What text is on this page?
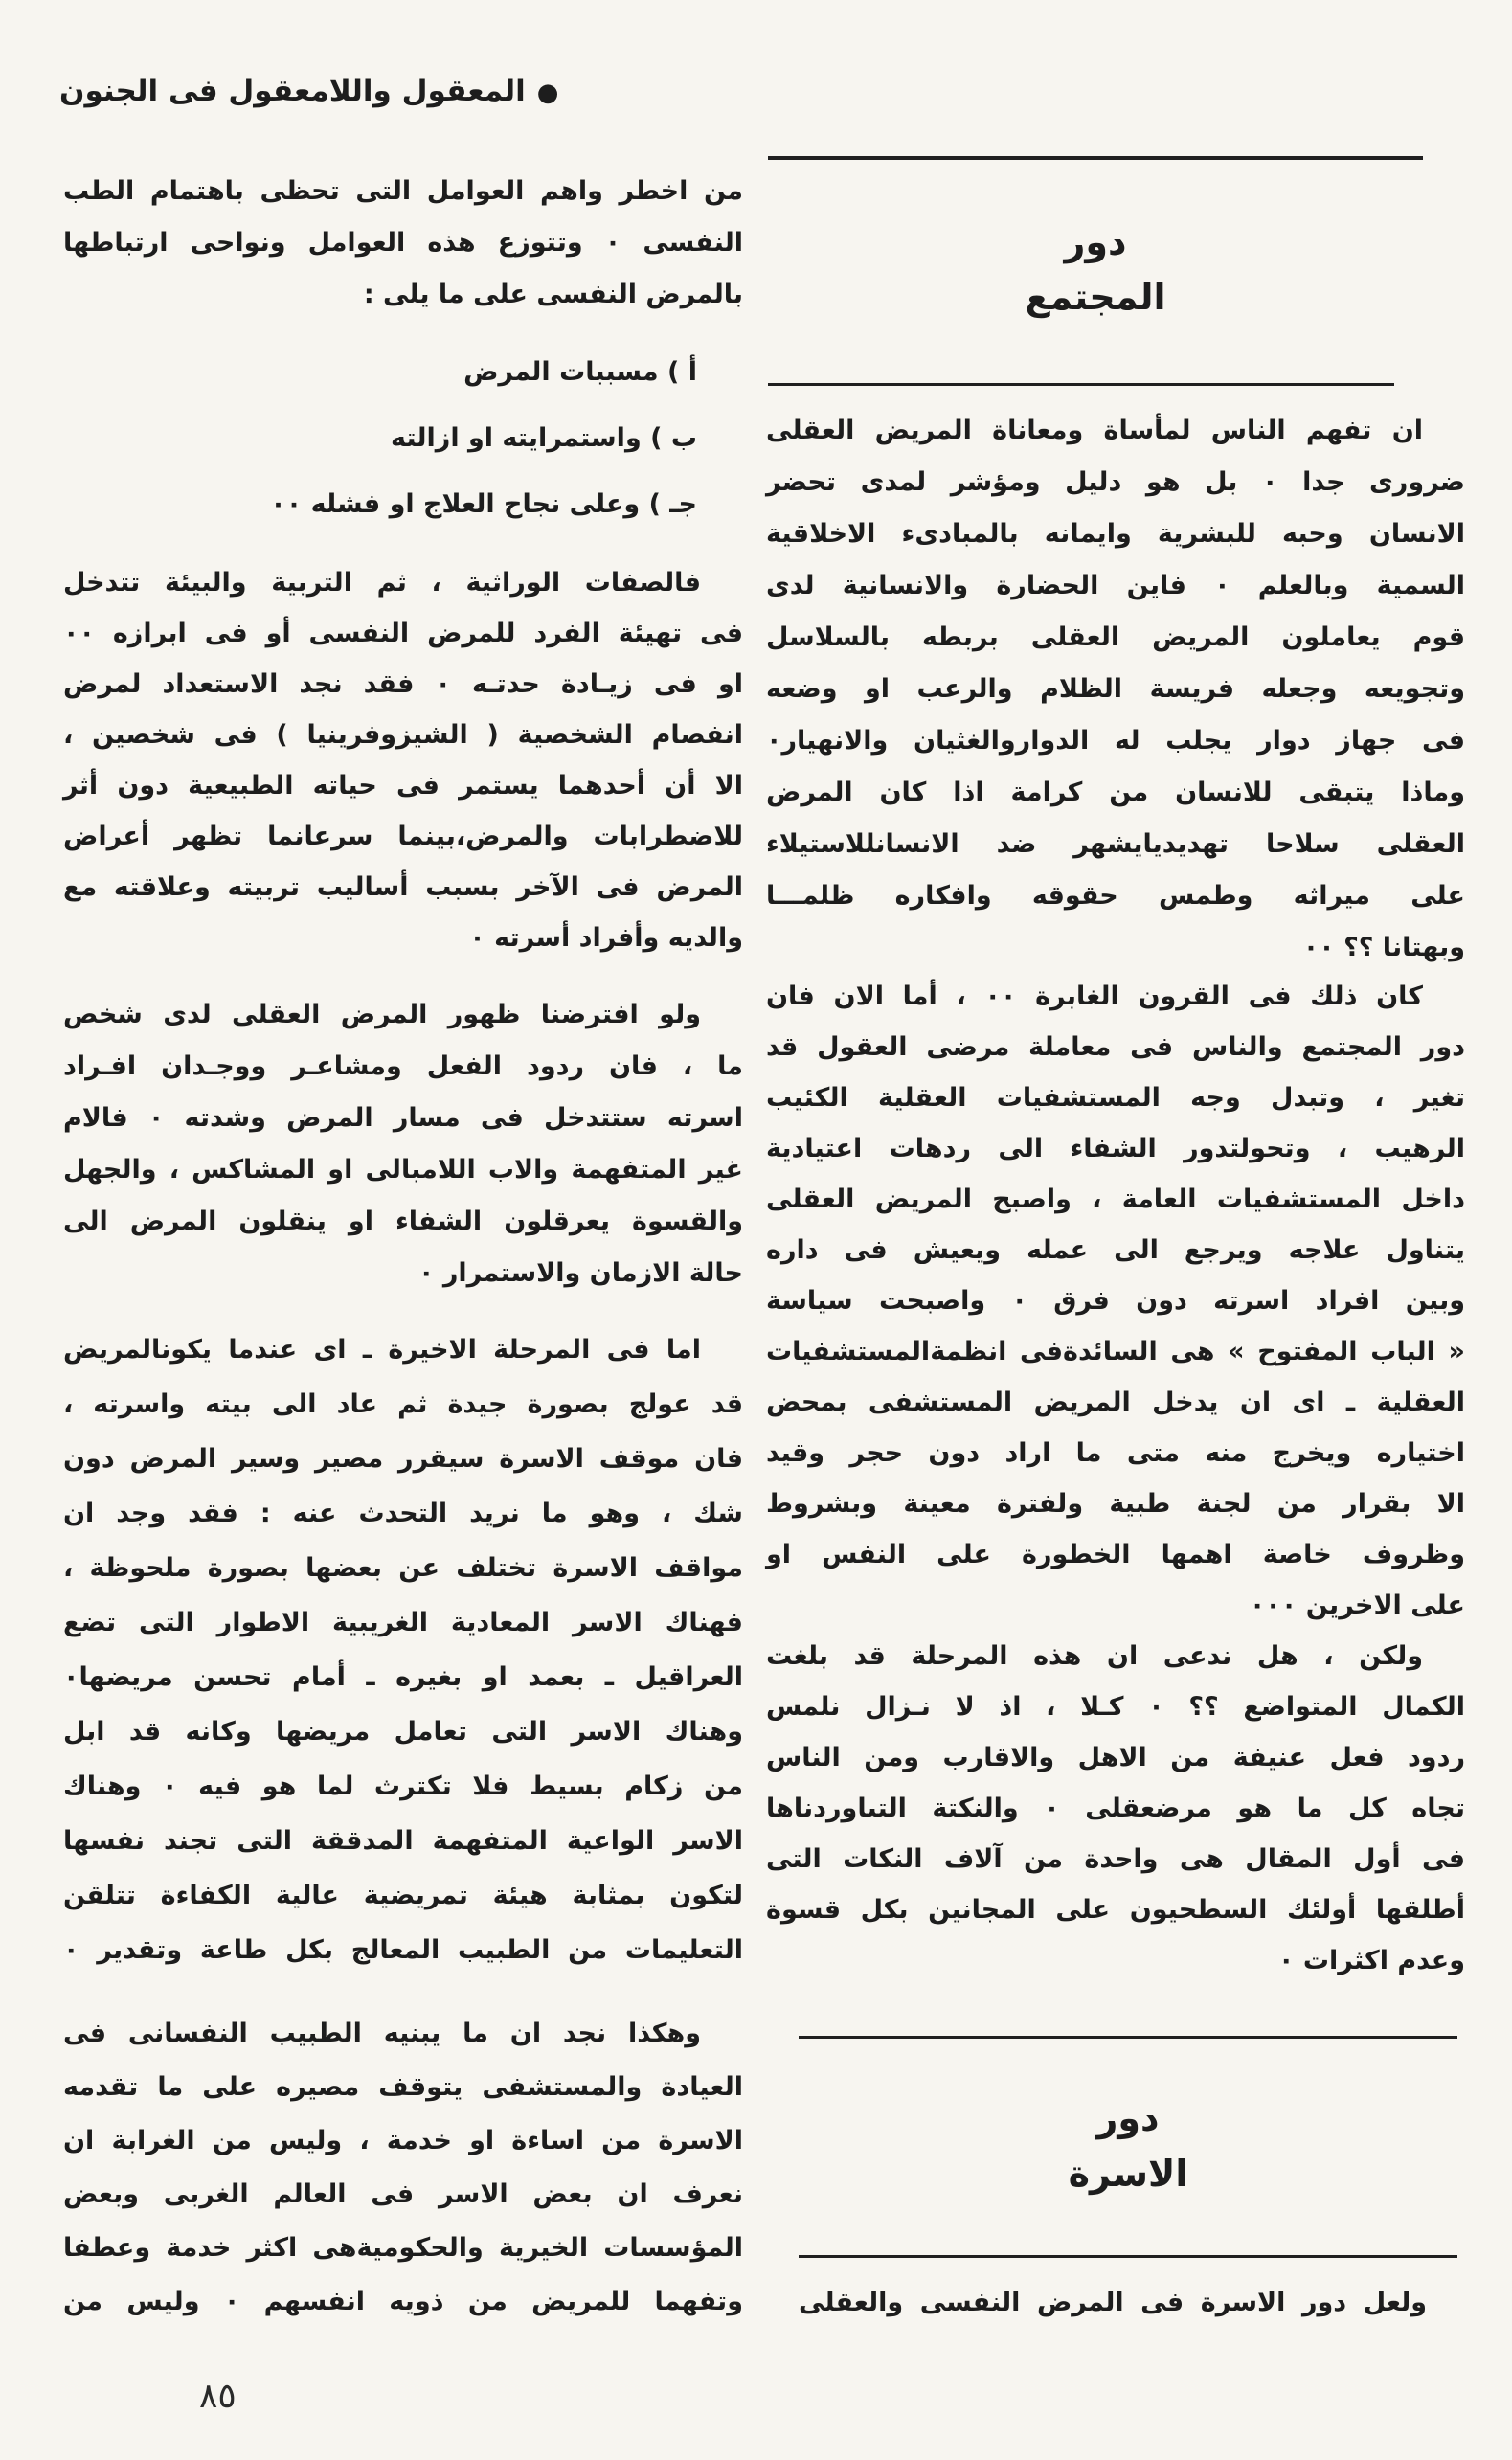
●المعقول واللامعقول فى الجنون
دور
المجتمع
ان تفهم الناس لمأساة ومعاناة المريض العقلى
ضرورى جدا ٠ بل هو دليل ومؤشر لمدى تحضر
الانسان وحبه للبشرية وايمانه بالمبادىء الاخلاقية
السمية وبالعلم ٠ فاين الحضارة والانسانية لدى
قوم يعاملون المريض العقلى بربطه بالسلاسل
وتجويعه وجعله فريسة الظلام والرعب او وضعه
فى جهاز دوار يجلب له الدواروالغثيان والانهيار٠
وماذا يتبقى للانسان من كرامة اذا كان المرض
العقلى سلاحا تهديديايشهر ضد الانسانللاستيلاء
على ميراثه وطمس حقوقه وافكاره ظلمـــا
وبهتانا ؟؟ ٠٠
كان ذلك فى القرون الغابرة ٠٠ ، أما الان فان
دور المجتمع والناس فى معاملة مرضى العقول قد
تغير ، وتبدل وجه المستشفيات العقلية الكئيب
الرهيب ، وتحولتدور الشفاء الى ردهات اعتيادية
داخل المستشفيات العامة ، واصبح المريض العقلى
يتناول علاجه ويرجع الى عمله ويعيش فى داره
وبين افراد اسرته دون فرق ٠ واصبحت سياسة
« الباب المفتوح » هى السائدةفى انظمةالمستشفيات
العقلية ـ اى ان يدخل المريض المستشفى بمحض
اختياره ويخرج منه متى ما اراد دون حجر وقيد
الا بقرار من لجنة طبية ولفترة معينة وبشروط
وظروف خاصة اهمها الخطورة على النفس او
على الاخرين ٠٠٠
ولكن ، هل ندعى ان هذه المرحلة قد بلغت
الكمال المتواضع ؟؟ ٠ كـلا ، اذ لا نـزال نلمس
ردود فعل عنيفة من الاهل والاقارب ومن الناس
تجاه كل ما هو مرضعقلى ٠ والنكتة التىاوردناها
فى أول المقال هى واحدة من آلاف النكات التى
أطلقها أولئك السطحيون على المجانين بكل قسوة
وعدم اكثرات ٠
دور
الاسرة
ولعل دور الاسرة فى المرض النفسى والعقلى
من اخطر واهم العوامل التى تحظى باهتمام الطب
النفسى ٠ وتتوزع هذه العوامل ونواحى ارتباطها
بالمرض النفسى على ما يلى :
أ ) مسببات المرض
ب ) واستمرايته او ازالته
جـ ) وعلى نجاح العلاج او فشله ٠٠
فالصفات الوراثية ، ثم التربية والبيئة تتدخل
فى تهيئة الفرد للمرض النفسى أو فى ابرازه ٠٠
او فى زيـادة حدتـه ٠ فقد نجد الاستعداد لمرض
انفصام الشخصية ( الشيزوفرينيا ) فى شخصين ،
الا أن أحدهما يستمر فى حياته الطبيعية دون أثر
للاضطرابات والمرض،بينما سرعانما تظهر أعراض
المرض فى الآخر بسبب أساليب تربيته وعلاقته مع
والديه وأفراد أسرته ٠
ولو افترضنا ظهور المرض العقلى لدى شخص
ما ، فان ردود الفعل ومشاعـر ووجـدان افـراد
اسرته ستتدخل فى مسار المرض وشدته ٠ فالام
غير المتفهمة والاب اللامبالى او المشاكس ، والجهل
والقسوة يعرقلون الشفاء او ينقلون المرض الى
حالة الازمان والاستمرار ٠
اما فى المرحلة الاخيرة ـ اى عندما يكونالمريض
قد عولج بصورة جيدة ثم عاد الى بيته واسرته ،
فان موقف الاسرة سيقرر مصير وسير المرض دون
شك ، وهو ما نريد التحدث عنه : فقد وجد ان
مواقف الاسرة تختلف عن بعضها بصورة ملحوظة ،
فهناك الاسر المعادية الغريبية الاطوار التى تضع
العراقيل ـ بعمد او بغيره ـ أمام تحسن مريضها٠
وهناك الاسر التى تعامل مريضها وكانه قد ابل
من زكام بسيط فلا تكترث لما هو فيه ٠ وهناك
الاسر الواعية المتفهمة المدققة التى تجند نفسها
لتكون بمثابة هيئة تمريضية عالية الكفاءة تتلقن
التعليمات من الطبيب المعالج بكل طاعة وتقدير ٠
وهكذا نجد ان ما يبنيه الطبيب النفسانى فى
العيادة والمستشفى يتوقف مصيره على ما تقدمه
الاسرة من اساءة او خدمة ، وليس من الغرابة ان
نعرف ان بعض الاسر فى العالم الغربى وبعض
المؤسسات الخيرية والحكوميةهى اكثر خدمة وعطفا
وتفهما للمريض من ذويه انفسهم ٠ وليس من
٨٥
